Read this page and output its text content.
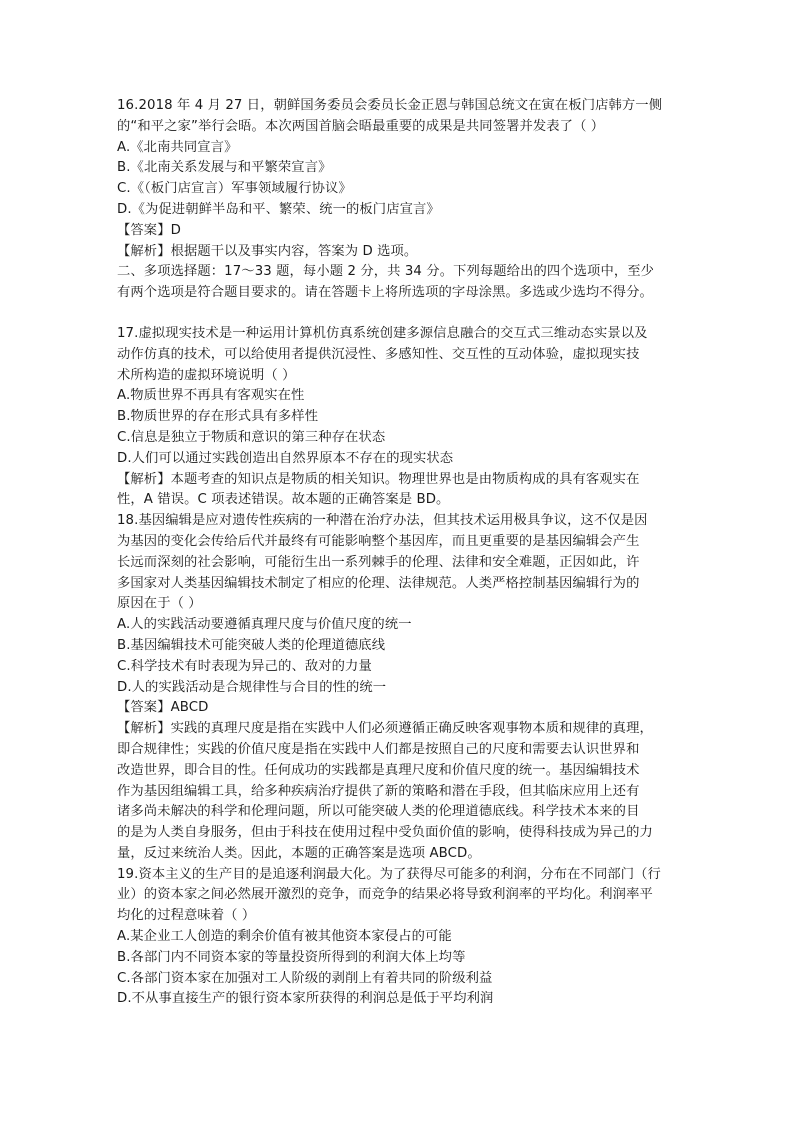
16.2018 年 4 月 27 日，朝鲜国务委员会委员长金正恩与韩国总统文在寅在板门店韩方一侧
的“和平之家”举行会晤。本次两国首脑会晤最重要的成果是共同签署并发表了（ ）
A.《北南共同宣言》
B.《北南关系发展与和平繁荣宣言》
C.《（板门店宣言）军事领域履行协议》
D.《为促进朝鲜半岛和平、繁荣、统一的板门店宣言》
【答案】D
【解析】根据题干以及事实内容，答案为 D 选项。
二、多项选择题：17～33 题，每小题 2 分，共 34 分。下列每题给出的四个选项中，至少
有两个选项是符合题目要求的。请在答题卡上将所选项的字母涂黑。多选或少选均不得分。
17.虚拟现实技术是一种运用计算机仿真系统创建多源信息融合的交互式三维动态实景以及
动作仿真的技术，可以给使用者提供沉浸性、多感知性、交互性的互动体验，虚拟现实技
术所构造的虚拟环境说明（ ）
A.物质世界不再具有客观实在性
B.物质世界的存在形式具有多样性
C.信息是独立于物质和意识的第三种存在状态
D.人们可以通过实践创造出自然界原本不存在的现实状态
【解析】本题考查的知识点是物质的相关知识。物理世界也是由物质构成的具有客观实在
性，A 错误。C 项表述错误。故本题的正确答案是 BD。
18.基因编辑是应对遗传性疾病的一种潜在治疗办法，但其技术运用极具争议，这不仅是因
为基因的变化会传给后代并最终有可能影响整个基因库，而且更重要的是基因编辑会产生
长远而深刻的社会影响，可能衍生出一系列棘手的伦理、法律和安全难题，正因如此，许
多国家对人类基因编辑技术制定了相应的伦理、法律规范。人类严格控制基因编辑行为的
原因在于（ ）
A.人的实践活动要遵循真理尺度与价值尺度的统一
B.基因编辑技术可能突破人类的伦理道德底线
C.科学技术有时表现为异己的、敌对的力量
D.人的实践活动是合规律性与合目的性的统一
【答案】ABCD
【解析】实践的真理尺度是指在实践中人们必须遵循正确反映客观事物本质和规律的真理，
即合规律性；实践的价值尺度是指在实践中人们都是按照自己的尺度和需要去认识世界和
改造世界，即合目的性。任何成功的实践都是真理尺度和价值尺度的统一。基因编辑技术
作为基因组编辑工具，给多种疾病治疗提供了新的策略和潜在手段，但其临床应用上还有
诸多尚未解决的科学和伦理问题，所以可能突破人类的伦理道德底线。科学技术本来的目
的是为人类自身服务，但由于科技在使用过程中受负面价值的影响，使得科技成为异己的力
量，反过来统治人类。因此，本题的正确答案是选项 ABCD。
19.资本主义的生产目的是追逐利润最大化。为了获得尽可能多的利润，分布在不同部门（行
业）的资本家之间必然展开激烈的竞争，而竞争的结果必将导致利润率的平均化。利润率平
均化的过程意味着（ ）
A.某企业工人创造的剩余价值有被其他资本家侵占的可能
B.各部门内不同资本家的等量投资所得到的利润大体上均等
C.各部门资本家在加强对工人阶级的剥削上有着共同的阶级利益
D.不从事直接生产的银行资本家所获得的利润总是低于平均利润
